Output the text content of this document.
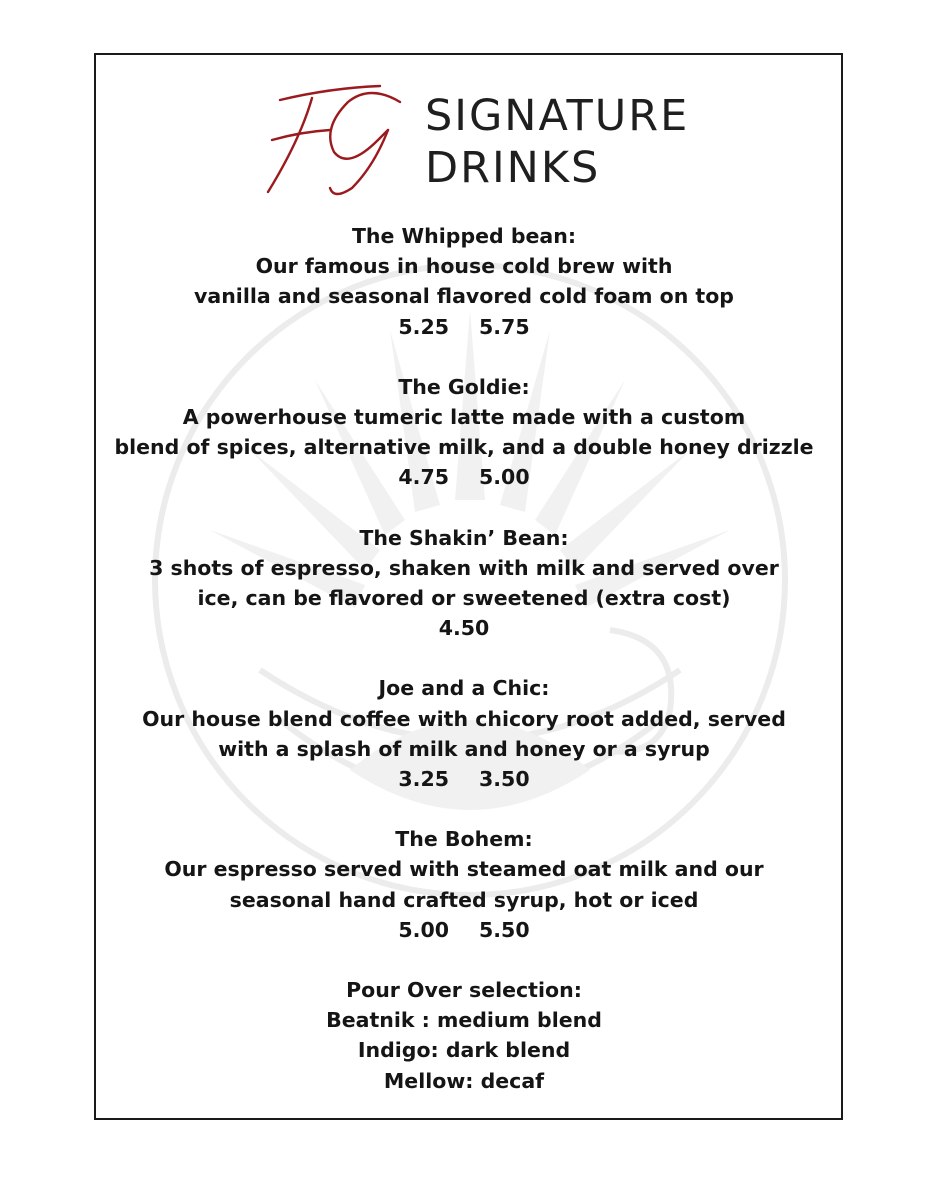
SIGNATURE
DRINKS
The Whipped bean:
Our famous in house cold brew with
vanilla and seasonal flavored cold foam on top
5.25 5.75
The Goldie:
A powerhouse tumeric latte made with a custom
blend of spices, alternative milk, and a double honey drizzle
4.75 5.00
The Shakin’ Bean:
3 shots of espresso, shaken with milk and served over
ice, can be flavored or sweetened (extra cost)
4.50
Joe and a Chic:
Our house blend coffee with chicory root added, served
with a splash of milk and honey or a syrup
3.25 3.50
The Bohem:
Our espresso served with steamed oat milk and our
seasonal hand crafted syrup, hot or iced
5.00 5.50
Pour Over selection:
Beatnik : medium blend
Indigo: dark blend
Mellow: decaf
